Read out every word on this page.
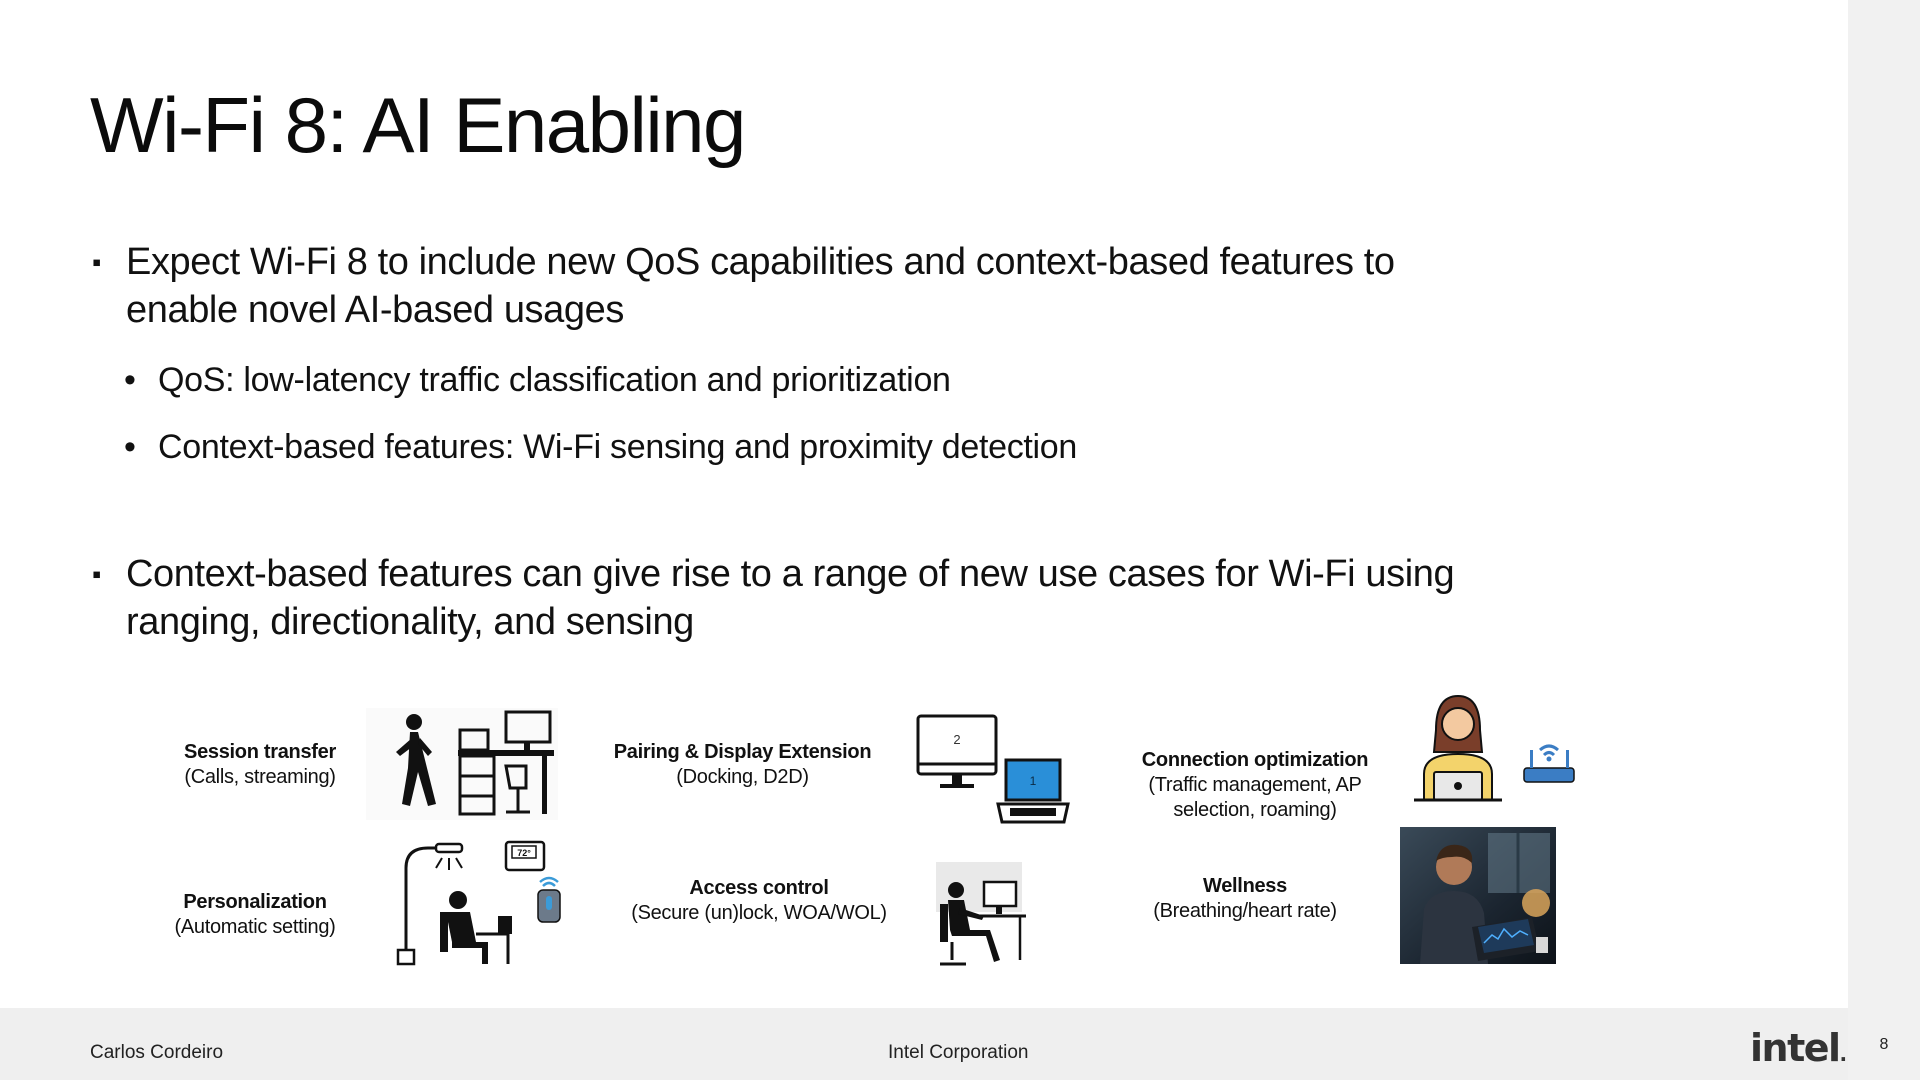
Wi-Fi 8: AI Enabling
▪ Expect Wi-Fi 8 to include new QoS capabilities and context-based features to enable novel AI-based usages
• QoS: low-latency traffic classification and prioritization
• Context-based features: Wi-Fi sensing and proximity detection
▪ Context-based features can give rise to a range of new use cases for Wi-Fi using ranging, directionality, and sensing
Session transfer
(Calls, streaming)
Pairing & Display Extension
(Docking, D2D)
Connection optimization
(Traffic management, AP selection, roaming)
Personalization
(Automatic setting)
Access control
(Secure (un)lock, WOA/WOL)
Wellness
(Breathing/heart rate)
2
1
72°
8
Carlos Cordeiro	Intel Corporation	intel.
